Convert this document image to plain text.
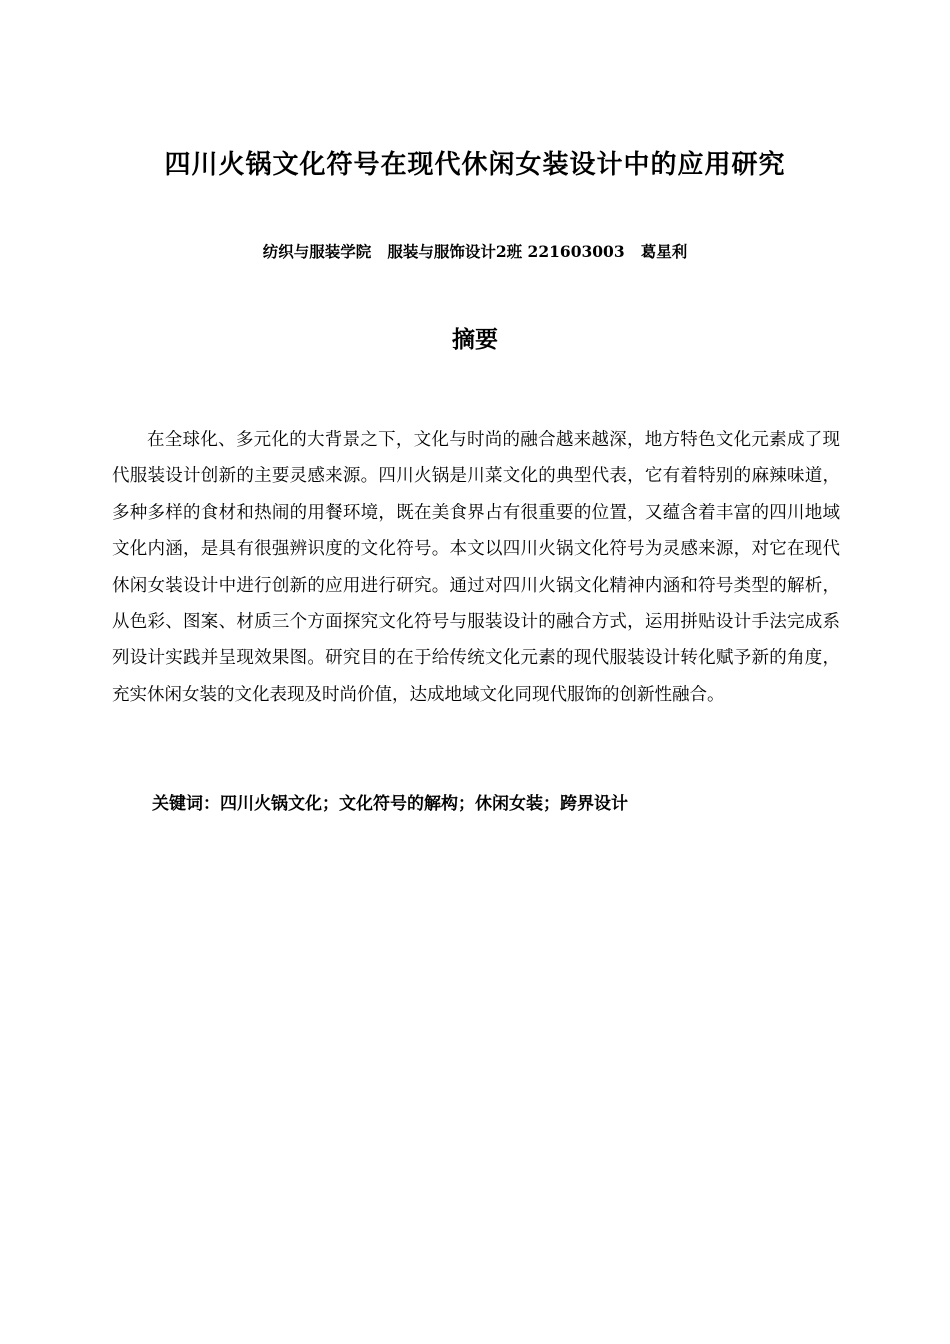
四川火锅文化符号在现代休闲女装设计中的应用研究
纺织与服装学院   服装与服饰设计2班 221603003   葛星利
摘要

在全球化、多元化的大背景之下，文化与时尚的融合越来越深，地方特色文化元素成了现代服装设计创新的主要灵感来源。四川火锅是川菜文化的典型代表，它有着特别的麻辣味道，多种多样的食材和热闹的用餐环境，既在美食界占有很重要的位置，又蕴含着丰富的四川地域文化内涵，是具有很强辨识度的文化符号。本文以四川火锅文化符号为灵感来源，对它在现代休闲女装设计中进行创新的应用进行研究。通过对四川火锅文化精神内涵和符号类型的解析，从色彩、图案、材质三个方面探究文化符号与服装设计的融合方式，运用拼贴设计手法完成系列设计实践并呈现效果图。研究目的在于给传统文化元素的现代服装设计转化赋予新的角度，充实休闲女装的文化表现及时尚价值，达成地域文化同现代服饰的创新性融合。

关键词：四川火锅文化；文化符号的解构；休闲女装；跨界设计
